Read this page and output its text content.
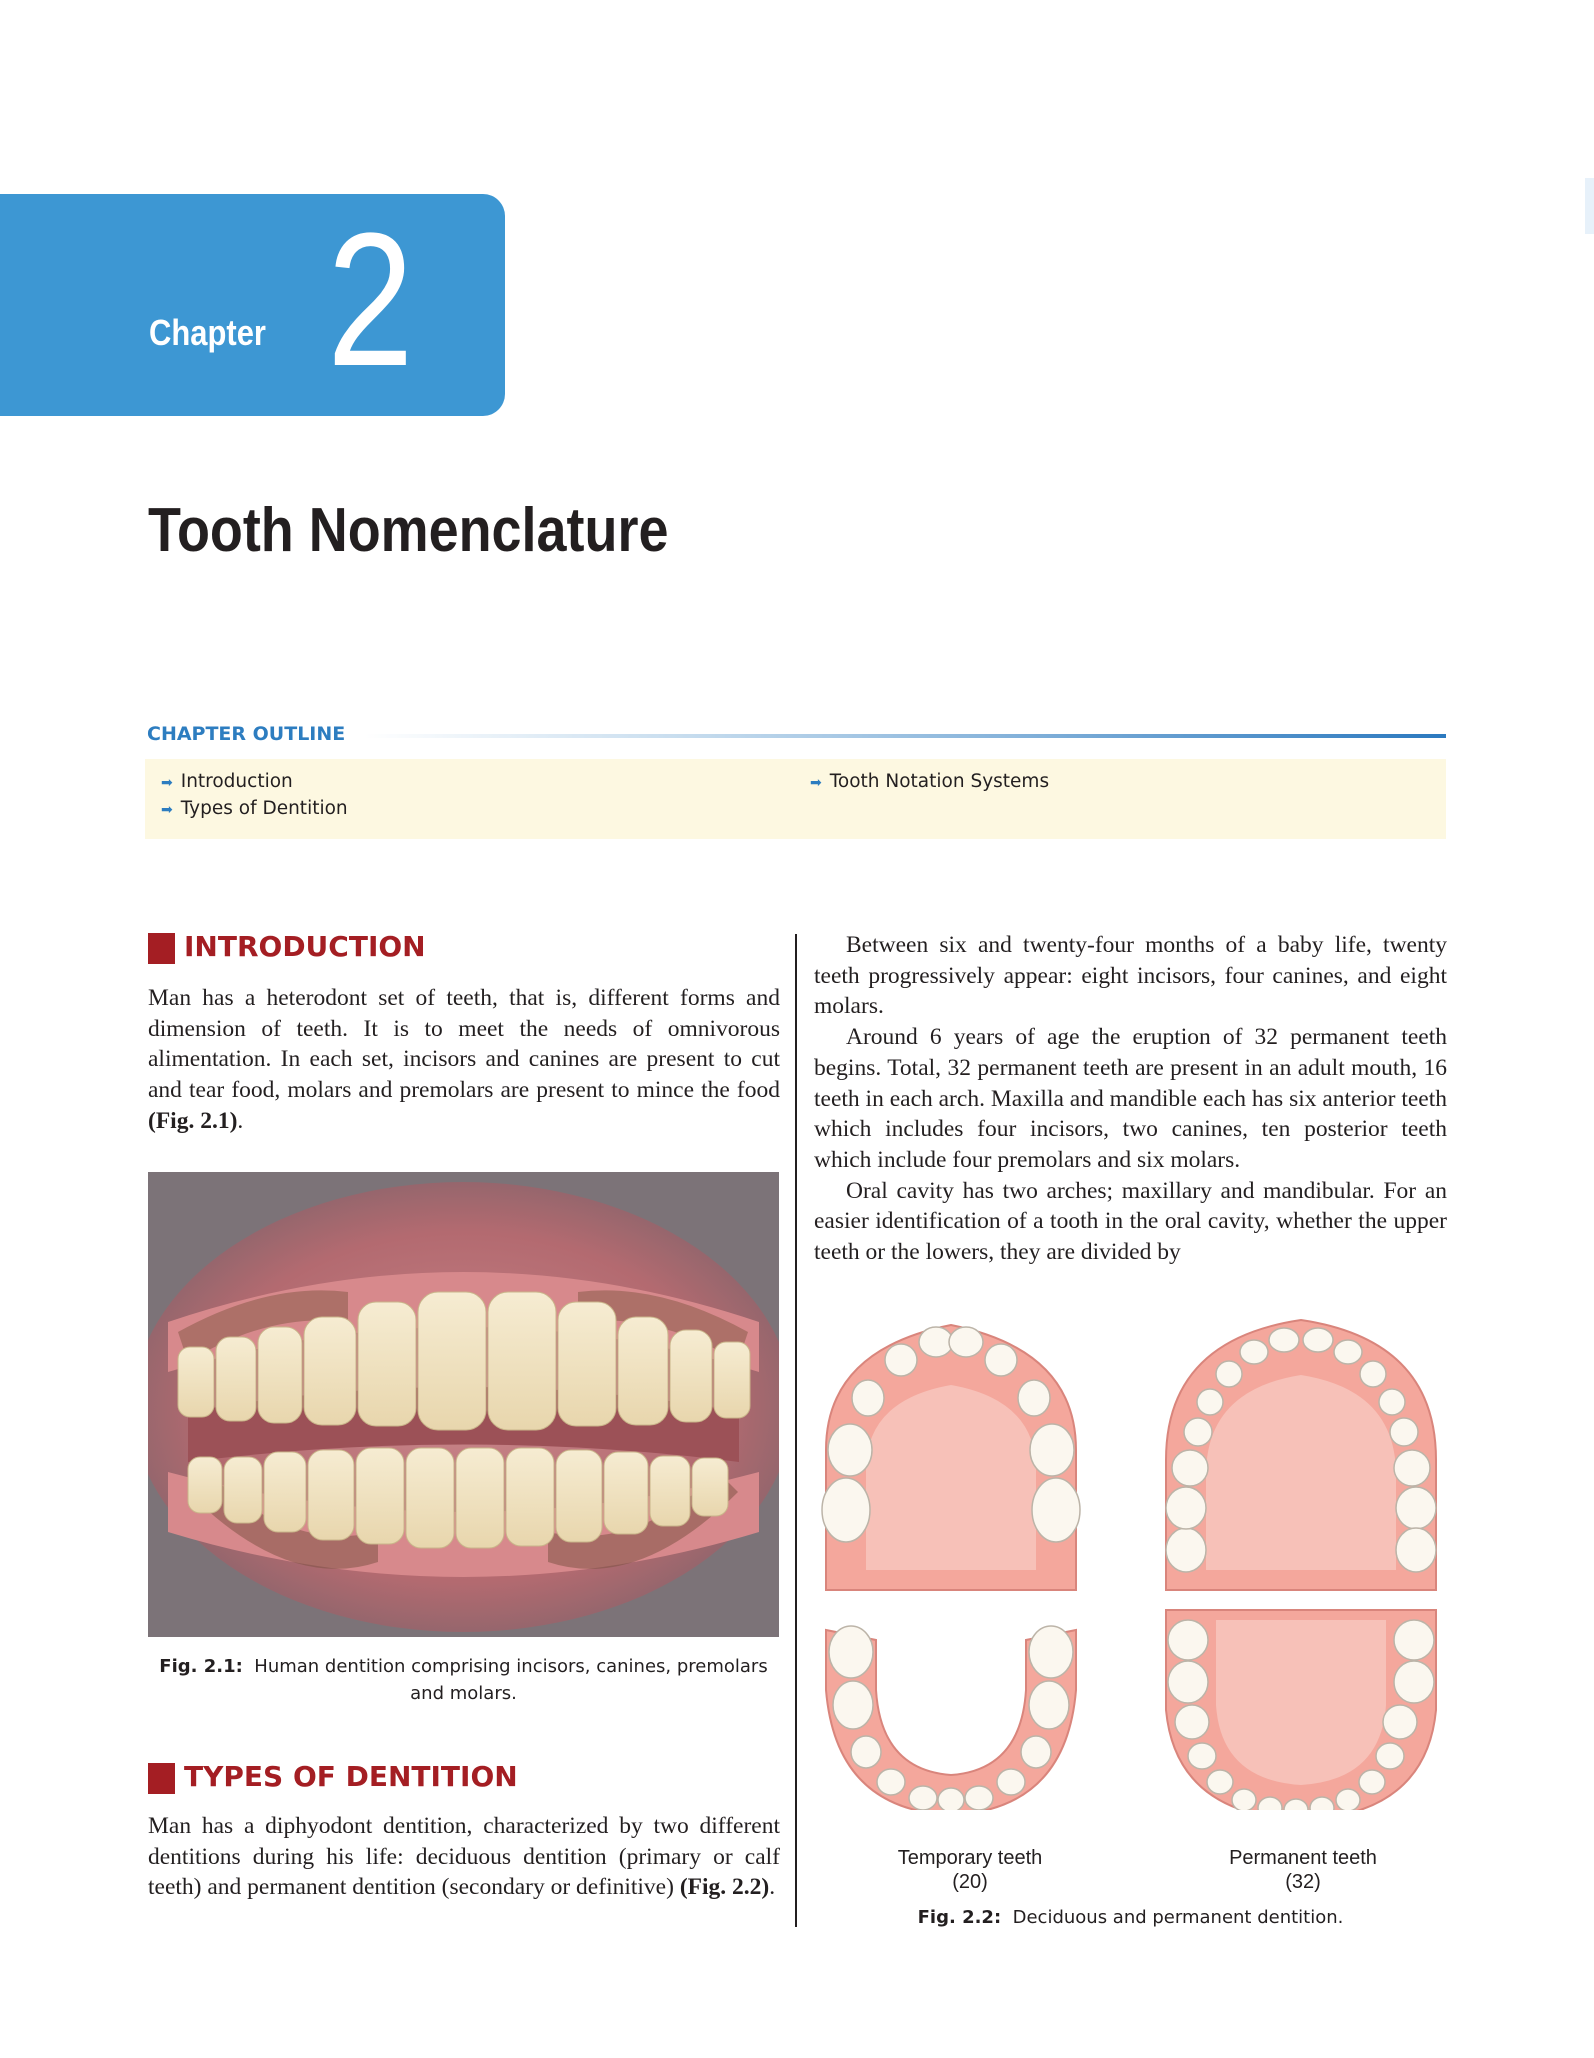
Chapter 2
Tooth Nomenclature
CHAPTER OUTLINE
➡ Introduction
➡ Types of Dentition
➡ Tooth Notation Systems
INTRODUCTION

Man has a heterodont set of teeth, that is, different forms and dimension of teeth. It is to meet the needs of omnivorous alimentation. In each set, incisors and canines are present to cut and tear food, molars and premolars are present to mince the food (Fig. 2.1).

Fig. 2.1: Human dentition comprising incisors, canines, premolars and molars.
TYPES OF DENTITION

Man has a diphyodont dentition, characterized by two different dentitions during his life: deciduous dentition (primary or calf teeth) and permanent dentition (secondary or definitive) (Fig. 2.2).

Between six and twenty-four months of a baby life, twenty teeth progressively appear: eight incisors, four canines, and eight molars.

Around 6 years of age the eruption of 32 permanent teeth begins. Total, 32 permanent teeth are present in an adult mouth, 16 teeth in each arch. Maxilla and mandible each has six anterior teeth which includes four incisors, two canines, ten posterior teeth which include four premolars and six molars.

Oral cavity has two arches; maxillary and mandibular. For an easier identification of a tooth in the oral cavity, whether the upper teeth or the lowers, they are divided by

Temporary teeth
(20)
Permanent teeth
(32)
Fig. 2.2: Deciduous and permanent dentition.
